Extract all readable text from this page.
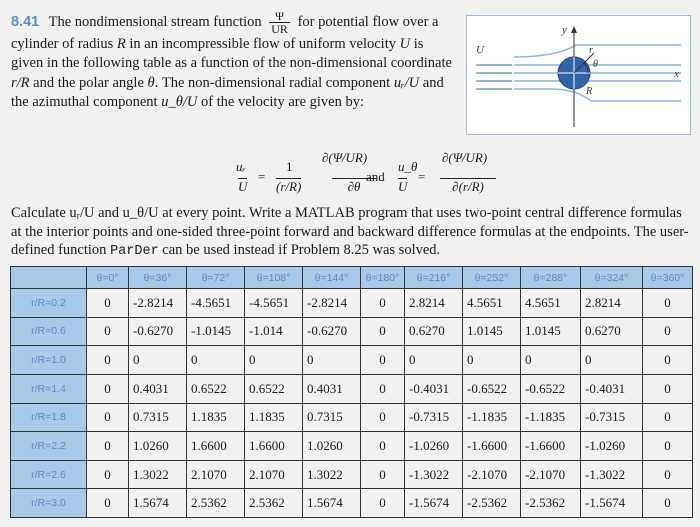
8.41 The nondimensional stream function $\frac{\Psi}{UR}$ for potential flow over a cylinder of radius R in an incompressible flow of uniform velocity U is given in the following table as a function of the non-dimensional coordinate r/R and the polar angle θ. The non-dimensional radial component uᵣ/U and the azimuthal component u_θ/U of the velocity are given by:
U
y
x
r
θ
R
uᵣ
U
=
1
(r/R)
∂(Ψ/UR)
∂θ
and
u_θ
U
=
∂(Ψ/UR)
∂(r/R)
Calculate uᵣ/U and u_θ/U at every point. Write a MATLAB program that uses two-point central difference formulas at the interior points and one-sided three-point forward and backward difference formulas at the endpoints. The user-defined function ParDer can be used instead if Problem 8.25 was solved.
	θ=0°	θ=36°	θ=72°	θ=108°	θ=144°	θ=180°	θ=216°	θ=252°	θ=288°	θ=324°	θ=360°
r/R=0.2	0	-2.8214	-4.5651	-4.5651	-2.8214	0	2.8214	4.5651	4.5651	2.8214	0
r/R=0.6	0	-0.6270	-1.0145	-1.014	-0.6270	0	0.6270	1.0145	1.0145	0.6270	0
r/R=1.0	0	0	0	0	0	0	0	0	0	0	0
r/R=1.4	0	0.4031	0.6522	0.6522	0.4031	0	-0.4031	-0.6522	-0.6522	-0.4031	0
r/R=1.8	0	0.7315	1.1835	1.1835	0.7315	0	-0.7315	-1.1835	-1.1835	-0.7315	0
r/R=2.2	0	1.0260	1.6600	1.6600	1.0260	0	-1.0260	-1.6600	-1.6600	-1.0260	0
r/R=2.6	0	1.3022	2.1070	2.1070	1.3022	0	-1.3022	-2.1070	-2.1070	-1.3022	0
r/R=3.0	0	1.5674	2.5362	2.5362	1.5674	0	-1.5674	-2.5362	-2.5362	-1.5674	0
